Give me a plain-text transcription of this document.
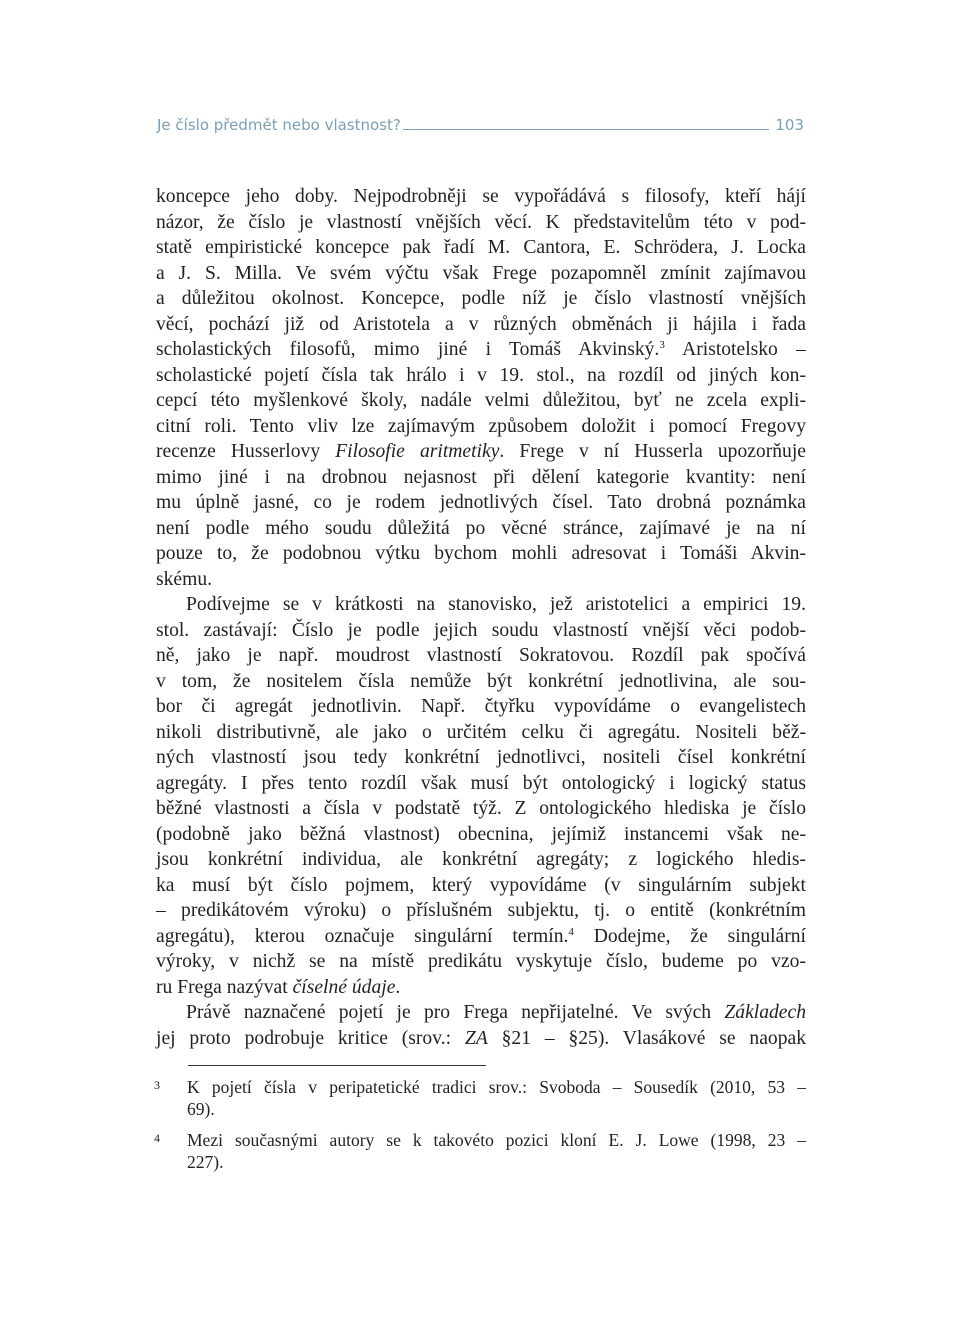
Je číslo předmět nebo vlastnost?	103
koncepce jeho doby. Nejpodrobněji se vypořádává s filosofy, kteří hájí
názor, že číslo je vlastností vnějších věcí. K představitelům této v pod-
statě empiristické koncepce pak řadí M. Cantora, E. Schrödera, J. Locka
a J. S. Milla. Ve svém výčtu však Frege pozapomněl zmínit zajímavou
a důležitou okolnost. Koncepce, podle níž je číslo vlastností vnějších
věcí, pochází již od Aristotela a v různých obměnách ji hájila i řada
scholastických filosofů, mimo jiné i Tomáš Akvinský.$^3$ Aristotelsko –
scholastické pojetí čísla tak hrálo i v 19. stol., na rozdíl od jiných kon-
cepcí této myšlenkové školy, nadále velmi důležitou, byť ne zcela expli-
citní roli. Tento vliv lze zajímavým způsobem doložit i pomocí Fregovy
recenze Husserlovy Filosofie aritmetiky. Frege v ní Husserla upozorňuje
mimo jiné i na drobnou nejasnost při dělení kategorie kvantity: není
mu úplně jasné, co je rodem jednotlivých čísel. Tato drobná poznámka
není podle mého soudu důležitá po věcné stránce, zajímavé je na ní
pouze to, že podobnou výtku bychom mohli adresovat i Tomáši Akvin-
skému.
Podívejme se v krátkosti na stanovisko, jež aristotelici a empirici 19.
stol. zastávají: Číslo je podle jejich soudu vlastností vnější věci podob-
ně, jako je např. moudrost vlastností Sokratovou. Rozdíl pak spočívá
v tom, že nositelem čísla nemůže být konkrétní jednotlivina, ale sou-
bor či agregát jednotlivin. Např. čtyřku vypovídáme o evangelistech
nikoli distributivně, ale jako o určitém celku či agregátu. Nositeli běž-
ných vlastností jsou tedy konkrétní jednotlivci, nositeli čísel konkrétní
agregáty. I přes tento rozdíl však musí být ontologický i logický status
běžné vlastnosti a čísla v podstatě týž. Z ontologického hlediska je číslo
(podobně jako běžná vlastnost) obecnina, jejímiž instancemi však ne-
jsou konkrétní individua, ale konkrétní agregáty; z logického hledis-
ka musí být číslo pojmem, který vypovídáme (v singulárním subjekt
– predikátovém výroku) o příslušném subjektu, tj. o entitě (konkrétním
agregátu), kterou označuje singulární termín.$^4$ Dodejme, že singulární
výroky, v nichž se na místě predikátu vyskytuje číslo, budeme po vzo-
ru Frega nazývat číselné údaje.
Právě naznačené pojetí je pro Frega nepřijatelné. Ve svých Základech
jej proto podrobuje kritice (srov.: ZA §21 – §25). Vlasákové se naopak
3 K pojetí čísla v peripatetické tradici srov.: Svoboda – Sousedík (2010, 53 –
69).
4 Mezi současnými autory se k takovéto pozici kloní E. J. Lowe (1998, 23 –
227).
